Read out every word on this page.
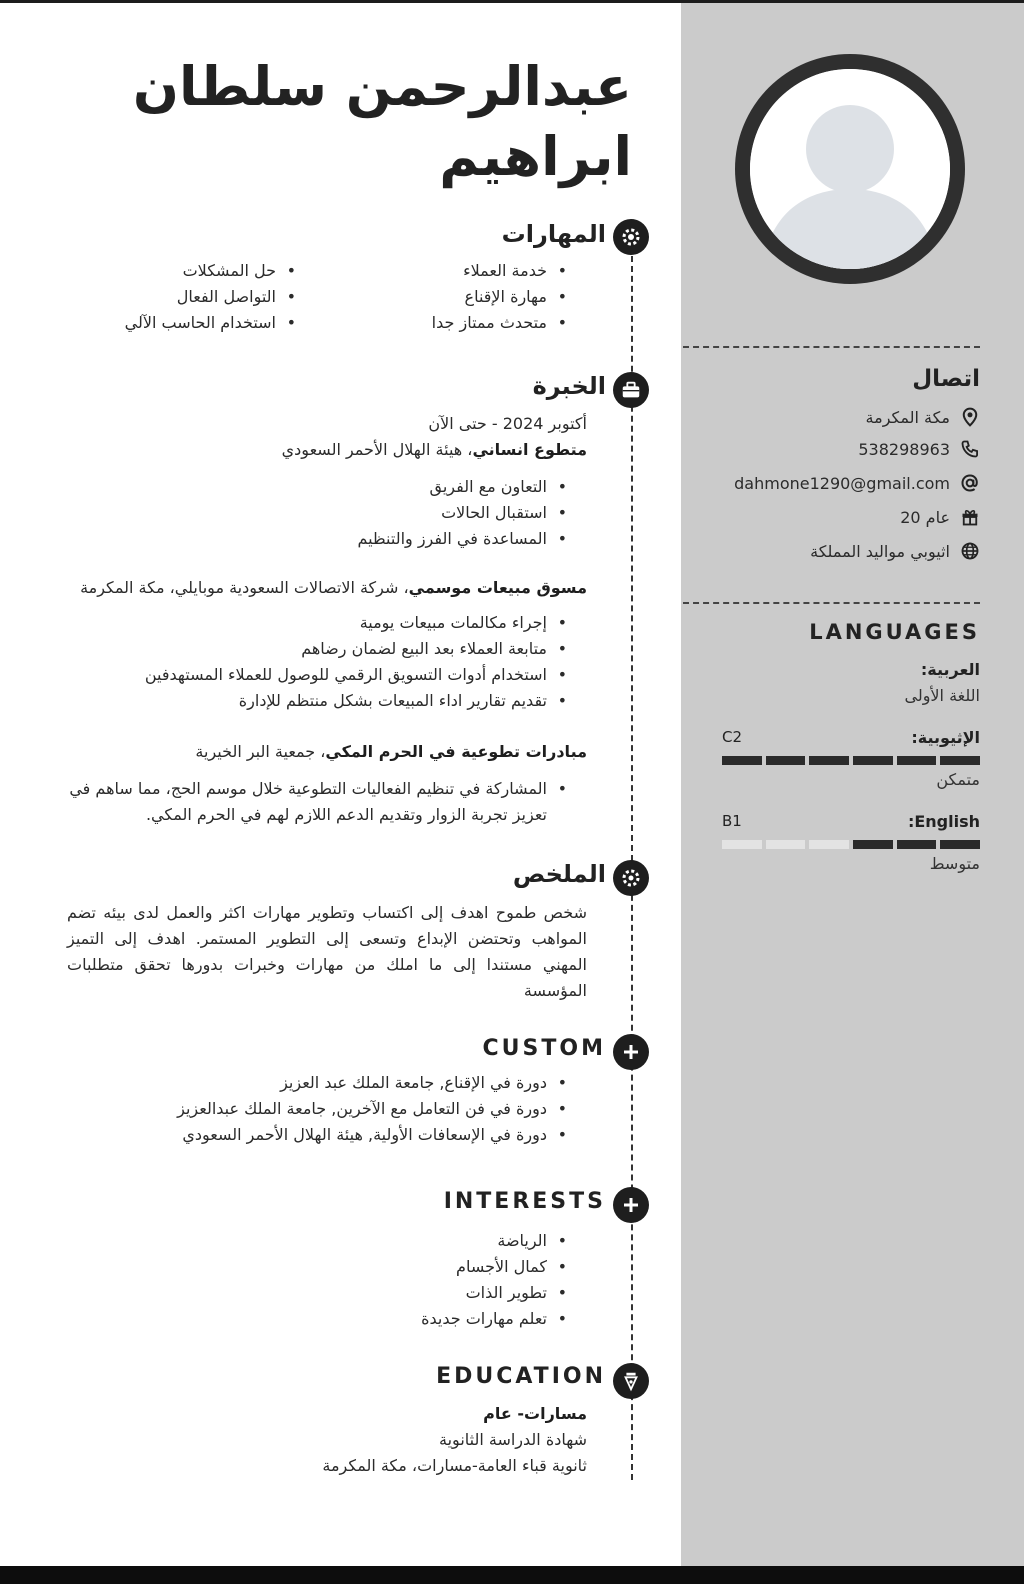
عبدالرحمن سلطان ابراهيم
المهارات
• خدمة العملاء
• مهارة الإقناع
• متحدث ممتاز جدا
• حل المشكلات
• التواصل الفعال
• استخدام الحاسب الآلي
الخبرة
أكتوبر 2024 - حتى الآن
متطوع انساني، هيئة الهلال الأحمر السعودي
• التعاون مع الفريق
• استقبال الحالات
• المساعدة في الفرز والتنظيم
مسوق مبيعات موسمي، شركة الاتصالات السعودية موبايلي، مكة المكرمة
• إجراء مكالمات مبيعات يومية
• متابعة العملاء بعد البيع لضمان رضاهم
• استخدام أدوات التسويق الرقمي للوصول للعملاء المستهدفين
• تقديم تقارير اداء المبيعات بشكل منتظم للإدارة
مبادرات تطوعية في الحرم المكي، جمعية البر الخيرية
• المشاركة في تنظيم الفعاليات التطوعية خلال موسم الحج، مما ساهم في تعزيز تجربة الزوار وتقديم الدعم اللازم لهم في الحرم المكي.
الملخص
شخص طموح اهدف إلى اكتساب وتطوير مهارات اكثر والعمل لدى بيئه تضم المواهب وتحتضن الإبداع وتسعى إلى التطوير المستمر. اهدف إلى التميز المهني مستندا إلى ما املك من مهارات وخبرات بدورها تحقق متطلبات المؤسسة
CUSTOM
• دورة في الإقناع, جامعة الملك عبد العزيز
• دورة في فن التعامل مع الآخرين, جامعة الملك عبدالعزيز
• دورة في الإسعافات الأولية, هيئة الهلال الأحمر السعودي
INTERESTS
• الرياضة
• كمال الأجسام
• تطوير الذات
• تعلم مهارات جديدة
EDUCATION
مسارات- عام
شهادة الدراسة الثانوية
ثانوية قباء العامة-مسارات، مكة المكرمة
اتصال
مكة المكرمة
538298963
dahmone1290@gmail.com
20 عام
اثيوبي مواليد المملكة
LANGUAGES
العربية:
اللغة الأولى
الإثيوبية:
C2
متمكن
English:
B1
متوسط
